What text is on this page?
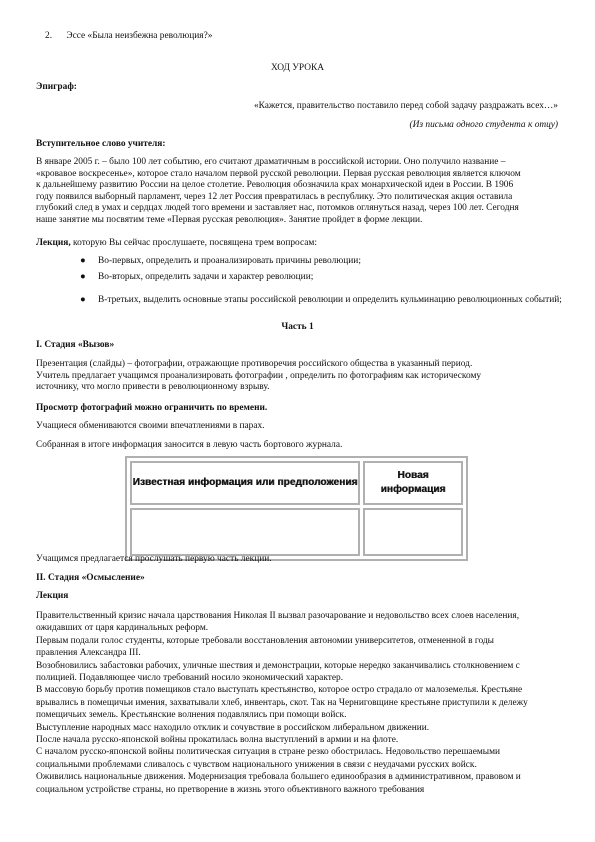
2. Эссе «Была неизбежна революция?»
ХОД УРОКА
Эпиграф:
«Кажется, правительство поставило перед собой задачу раздражать всех…»
(Из письма одного студента к отцу)
Вступительное слово учителя:

В январе 2005 г. – было 100 лет событию, его считают драматичным в российской истории. Оно получило название –

«кровавое воскресенье», которое стало началом первой русской революции. Первая русская революция является ключом

к дальнейшему развитию России на целое столетие. Революция обозначила крах монархической идеи в России. В 1906

году появился выборный парламент, через 12 лет Россия превратилась в республику. Это политическая акция оставила

глубокий след в умах и сердцах людей того времени и заставляет нас, потомков оглянуться назад, через 100 лет. Сегодня

наше занятие мы посвятим теме «Первая русская революция». Занятие пройдет в форме лекции.

Лекция, которую Вы сейчас прослушаете, посвящена трем вопросам:
● Во-первых, определить и проанализировать причины революции;
● Во-вторых, определить задачи и характер революции;
● В-третьих, выделить основные этапы российской революции и определить кульминацию революционных событий;
Часть 1
I. Стадия «Вызов»

Презентация (слайды) – фотографии, отражающие противоречия российского общества в указанный период.

Учитель предлагает учащимся проанализировать фотографии , определить по фотографиям как историческому

источнику, что могло привести в революционному взрыву.

Просмотр фотографий можно ограничить по времени.
Учащиеся обмениваются своими впечатлениями в парах.
Собранная в итоге информация заносится в левую часть бортового журнала.
Известная информация или предположения	Новая
информация

Учащимся предлагается прослушать первую часть лекции.
II. Стадия «Осмысление»
Лекция

Правительственный кризис начала царствования Николая II вызвал разочарование и недовольство всех слоев населения,

ожидавших от царя кардинальных реформ.

Первым подали голос студенты, которые требовали восстановления автономии университетов, отмененной в годы

правления Александра III.

Возобновились забастовки рабочих, уличные шествия и демонстрации, которые нередко заканчивались столкновением с

полицией. Подавляющее число требований носило экономический характер.

В массовую борьбу против помещиков стало выступать крестьянство, которое остро страдало от малоземелья. Крестьяне

врывались в помещичьи имения, захватывали хлеб, инвентарь, скот. Так на Черниговщине крестьяне приступили к дележу

помещичьих земель. Крестьянские волнения подавлялись при помощи войск.

Выступление народных масс находило отклик и сочувствие в российском либеральном движении.

После начала русско-японской войны прокатилась волна выступлений в армии и на флоте.

С началом русско-японской войны политическая ситуация в стране резко обострилась. Недовольство перешаемыми

социальными проблемами сливалось с чувством национального унижения в связи с неудачами русских войск.

Оживились национальные движения. Модернизация требовала большего единообразия в административном, правовом и

социальном устройстве страны, но претворение в жизнь этого объективного важного требования
